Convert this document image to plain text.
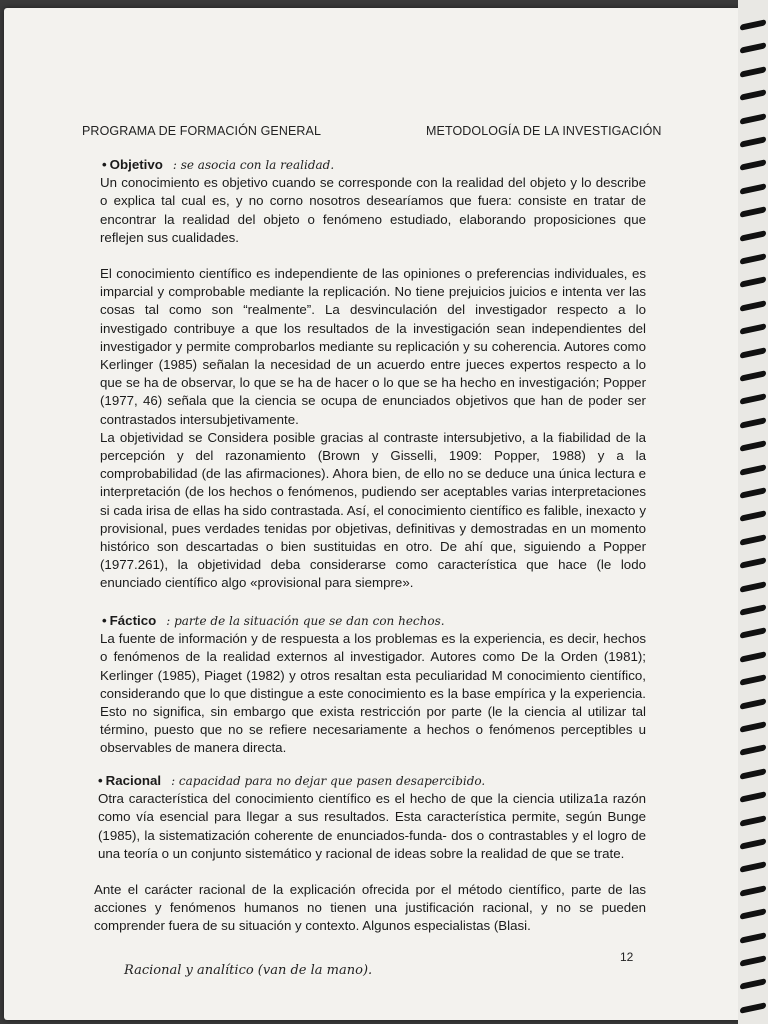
PROGRAMA DE FORMACIÓN GENERAL	METODOLOGÍA DE LA INVESTIGACIÓN

• Objetivo : se asocia con la realidad.

Un conocimiento es objetivo cuando se corresponde con la realidad del objeto y lo describe o explica tal cual es, y no corno nosotros desearíamos que fuera: consiste en tratar de encontrar la realidad del objeto o fenómeno estudiado, elaborando proposiciones que reflejen sus cualidades.

El conocimiento científico es independiente de las opiniones o preferencias individuales, es imparcial y comprobable mediante la replicación. No tiene prejuicios juicios e intenta ver las cosas tal como son “realmente”. La desvinculación del investigador respecto a lo investigado contribuye a que los resultados de la investigación sean independientes del investigador y permite comprobarlos mediante su replicación y su coherencia. Autores como Kerlinger (1985) señalan la necesidad de un acuerdo entre jueces expertos respecto a lo que se ha de observar, lo que se ha de hacer o lo que se ha hecho en investigación; Popper (1977, 46) señala que la ciencia se ocupa de enunciados objetivos que han de poder ser contrastados intersubjetivamente.

La objetividad se Considera posible gracias al contraste intersubjetivo, a la fiabilidad de la percepción y del razonamiento (Brown y Gisselli, 1909: Popper, 1988) y a la comprobabilidad (de las afirmaciones). Ahora bien, de ello no se deduce una única lectura e interpretación (de los hechos o fenómenos, pudiendo ser aceptables varias interpretaciones si cada irisa de ellas ha sido contrastada. Así, el conocimiento científico es falible, inexacto y provisional, pues verdades tenidas por objetivas, definitivas y demostradas en un momento histórico son descartadas o bien sustituidas en otro. De ahí que, siguiendo a Popper (1977.261), la objetividad deba considerarse como característica que hace (le lodo enunciado científico algo «provisional para siempre».

• Fáctico : parte de la situación que se dan con hechos.

La fuente de información y de respuesta a los problemas es la experiencia, es decir, hechos o fenómenos de la realidad externos al investigador. Autores como De la Orden (1981); Kerlinger (1985), Piaget (1982) y otros resaltan esta peculiaridad M conocimiento científico, considerando que lo que distingue a este conocimiento es la base empírica y la experiencia. Esto no significa, sin embargo que exista restricción por parte (le la ciencia al utilizar tal término, puesto que no se refiere necesariamente a hechos o fenómenos perceptibles u observables de manera directa.

• Racional : capacidad para no dejar que pasen desapercibido.

Otra característica del conocimiento científico es el hecho de que la ciencia utiliza1a razón como vía esencial para llegar a sus resultados. Esta característica permite, según Bunge (1985), la sistematización coherente de enunciados-funda- dos o contrastables y el logro de una teoría o un conjunto sistemático y racional de ideas sobre la realidad de que se trate.

Ante el carácter racional de la explicación ofrecida por el método científico, parte de las acciones y fenómenos humanos no tienen una justificación racional, y no se pueden comprender fuera de su situación y contexto. Algunos especialistas (Blasi.

12
Racional y analítico (van de la mano).
